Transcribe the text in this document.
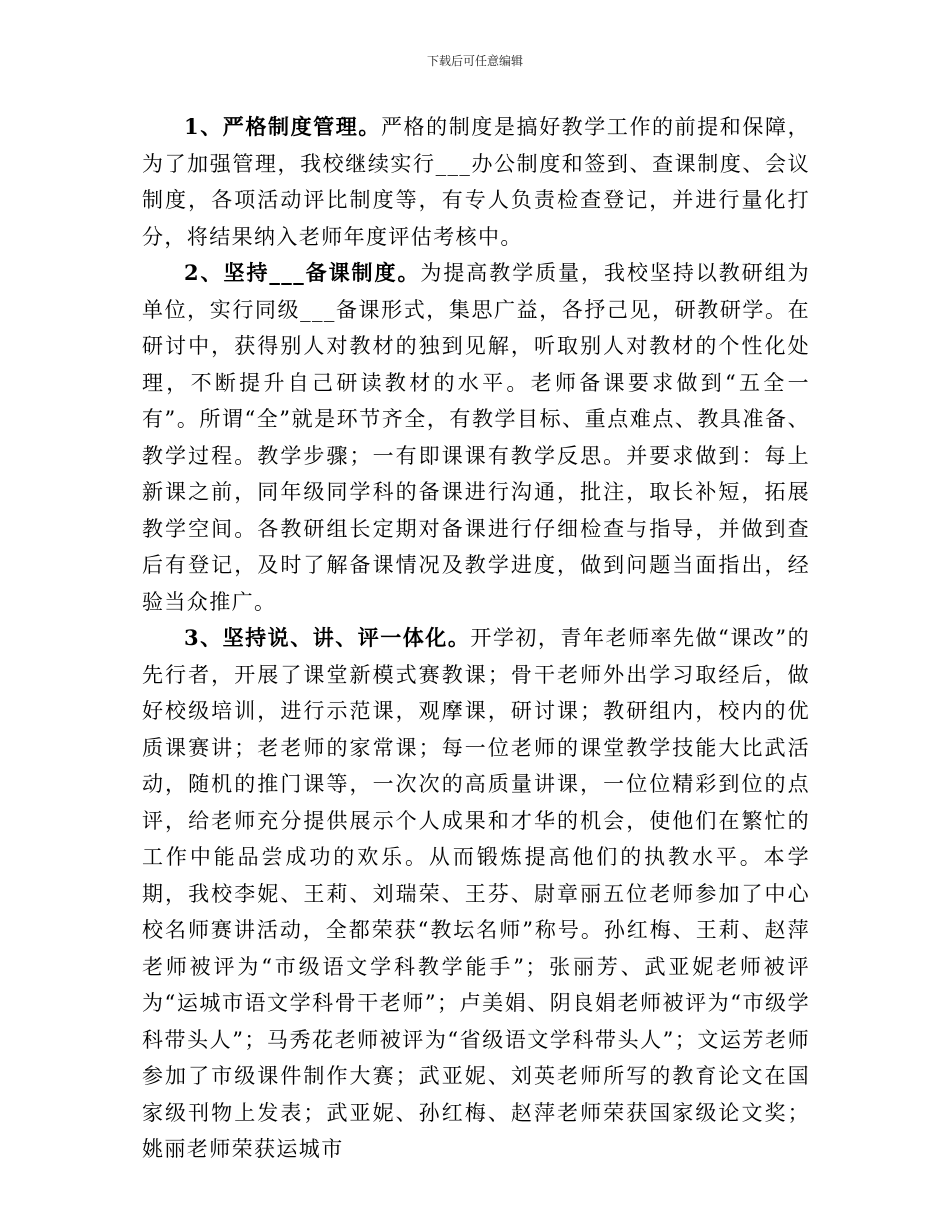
下载后可任意编辑

1、严格制度管理。严格的制度是搞好教学工作的前提和保障，为了加强管理，我校继续实行___办公制度和签到、查课制度、会议制度，各项活动评比制度等，有专人负责检查登记，并进行量化打分，将结果纳入老师年度评估考核中。

2、坚持___备课制度。为提高教学质量，我校坚持以教研组为单位，实行同级___备课形式，集思广益，各抒己见，研教研学。在研讨中，获得别人对教材的独到见解，听取别人对教材的个性化处理，不断提升自己研读教材的水平。老师备课要求做到“五全一有”。所谓“全”就是环节齐全，有教学目标、重点难点、教具准备、教学过程。教学步骤；一有即课课有教学反思。并要求做到：每上新课之前，同年级同学科的备课进行沟通，批注，取长补短，拓展教学空间。各教研组长定期对备课进行仔细检查与指导，并做到查后有登记，及时了解备课情况及教学进度，做到问题当面指出，经验当众推广。

3、坚持说、讲、评一体化。开学初，青年老师率先做“课改”的先行者，开展了课堂新模式赛教课；骨干老师外出学习取经后，做好校级培训，进行示范课，观摩课，研讨课；教研组内，校内的优质课赛讲；老老师的家常课；每一位老师的课堂教学技能大比武活动，随机的推门课等，一次次的高质量讲课，一位位精彩到位的点评，给老师充分提供展示个人成果和才华的机会，使他们在繁忙的工作中能品尝成功的欢乐。从而锻炼提高他们的执教水平。本学期，我校李妮、王莉、刘瑞荣、王芬、尉章丽五位老师参加了中心校名师赛讲活动，全都荣获“教坛名师”称号。孙红梅、王莉、赵萍老师被评为“市级语文学科教学能手”；张丽芳、武亚妮老师被评为“运城市语文学科骨干老师”；卢美娟、阴良娟老师被评为“市级学科带头人”；马秀花老师被评为“省级语文学科带头人”；文运芳老师参加了市级课件制作大赛；武亚妮、刘英老师所写的教育论文在国家级刊物上发表；武亚妮、孙红梅、赵萍老师荣获国家级论文奖；姚丽老师荣获运城市
